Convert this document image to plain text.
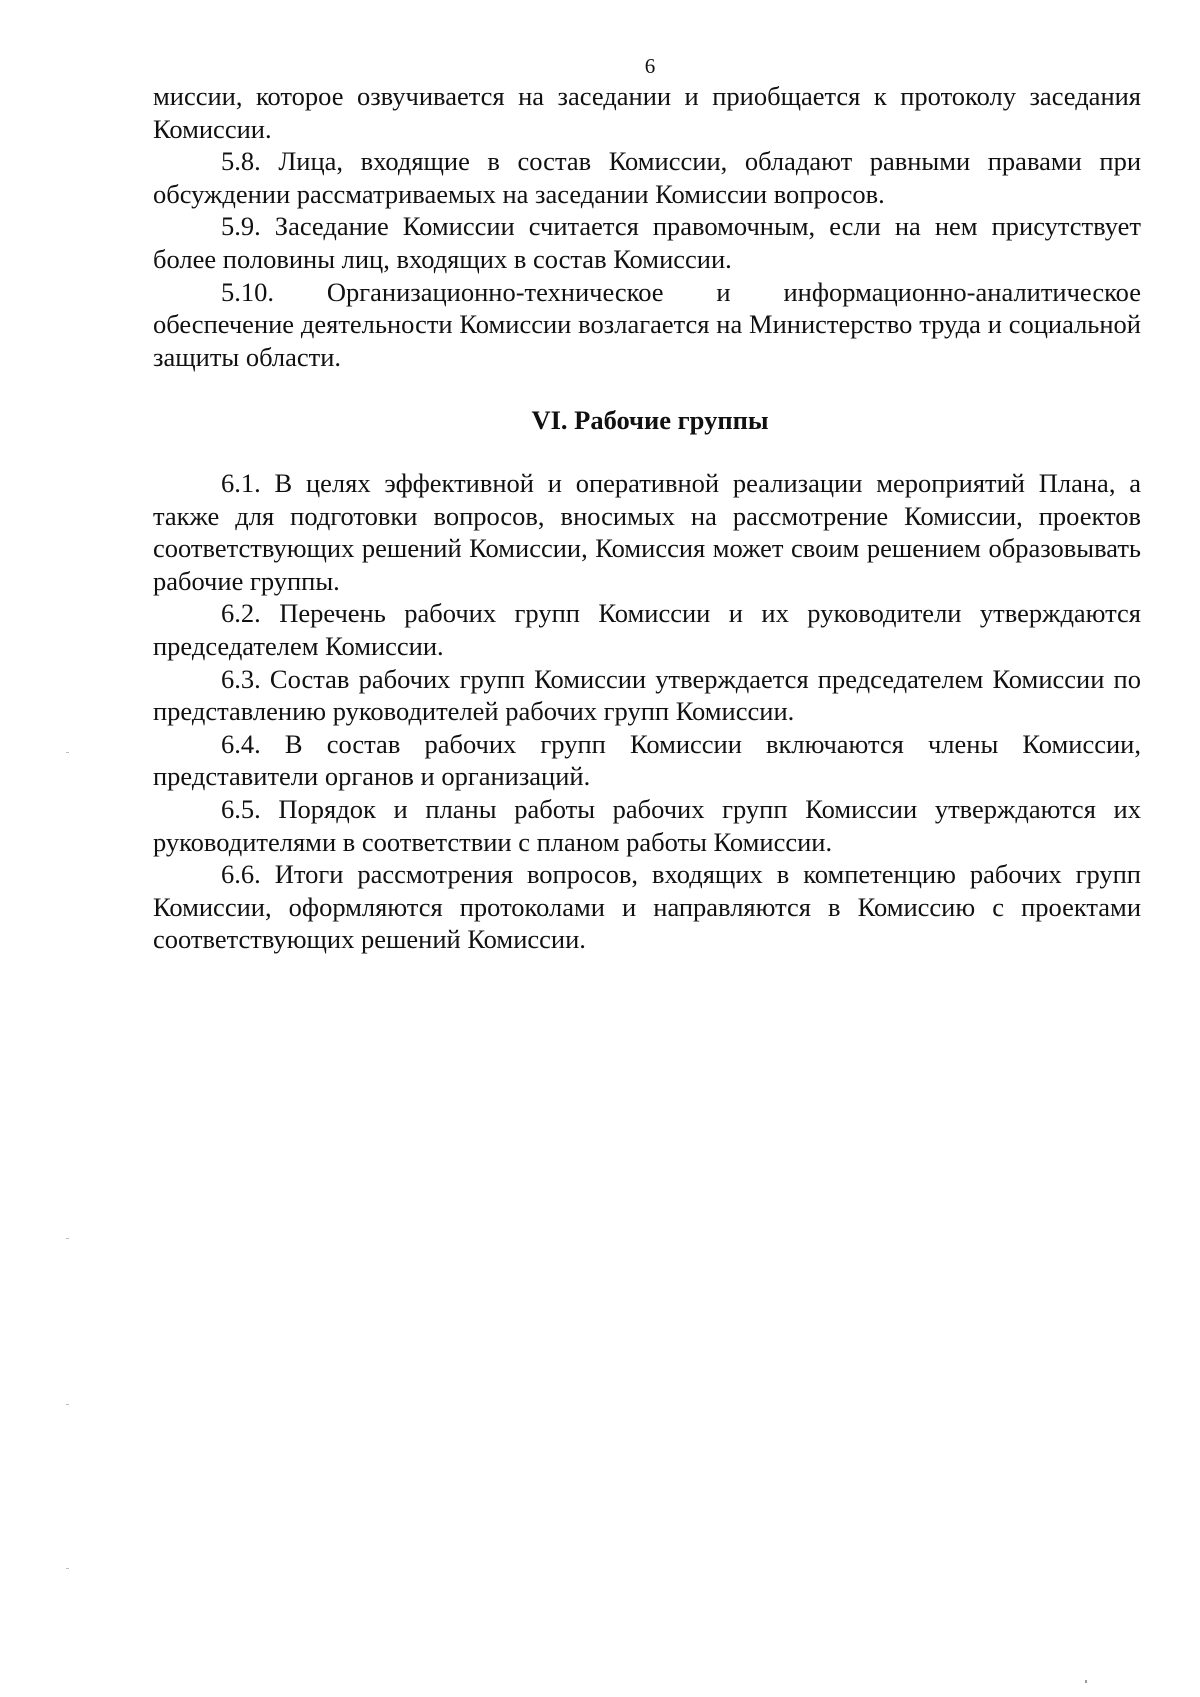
6

миссии, которое озвучивается на заседании и приобщается к протоколу заседания Комиссии.

5.8. Лица, входящие в состав Комиссии, обладают равными правами при обсуждении рассматриваемых на заседании Комиссии вопросов.

5.9. Заседание Комиссии считается правомочным, если на нем присутствует более половины лиц, входящих в состав Комиссии.

5.10. Организационно-техническое и информационно-аналитическое обеспечение деятельности Комиссии возлагается на Министерство труда и социальной защиты области.

VI. Рабочие группы

6.1. В целях эффективной и оперативной реализации мероприятий Плана, а также для подготовки вопросов, вносимых на рассмотрение Комиссии, проектов соответствующих решений Комиссии, Комиссия может своим решением образовывать рабочие группы.

6.2. Перечень рабочих групп Комиссии и их руководители утверждаются председателем Комиссии.

6.3. Состав рабочих групп Комиссии утверждается председателем Комиссии по представлению руководителей рабочих групп Комиссии.

6.4. В состав рабочих групп Комиссии включаются члены Комиссии, представители органов и организаций.

6.5. Порядок и планы работы рабочих групп Комиссии утверждаются их руководителями в соответствии с планом работы Комиссии.

6.6. Итоги рассмотрения вопросов, входящих в компетенцию рабочих групп Комиссии, оформляются протоколами и направляются в Комиссию с проектами соответствующих решений Комиссии.
